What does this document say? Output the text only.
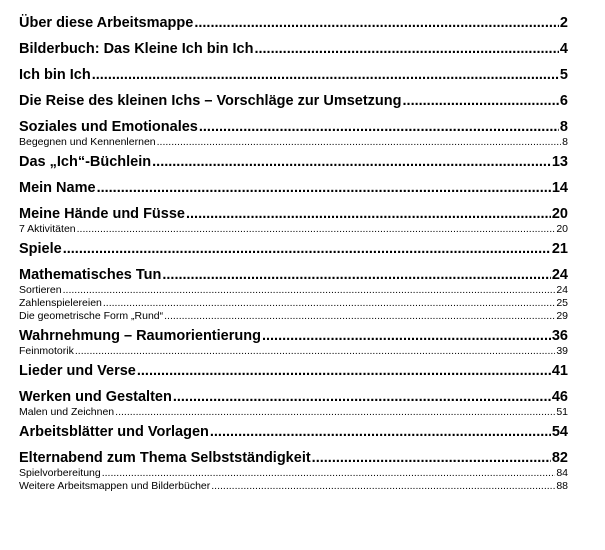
Über diese Arbeitsmappe .....	2
Bilderbuch: Das Kleine Ich bin Ich .....	4
Ich bin Ich .....	5
Die Reise des kleinen Ichs – Vorschläge zur Umsetzung .....	6
Soziales und Emotionales .....	8
Begegnen und Kennenlernen .....	8
Das „Ich“-Büchlein .....	13
Mein Name .....	14
Meine Hände und Füsse .....	20
7 Aktivitäten .....	20
Spiele .....	21
Mathematisches Tun .....	24
Sortieren .....	24
Zahlenspielereien .....	25
Die geometrische Form „Rund“ .....	29
Wahrnehmung – Raumorientierung .....	36
Feinmotorik .....	39
Lieder und Verse .....	41
Werken und Gestalten .....	46
Malen und Zeichnen .....	51
Arbeitsblätter und Vorlagen .....	54
Elternabend zum Thema Selbstständigkeit .....	82
Spielvorbereitung .....	84
Weitere Arbeitsmappen und Bilderbücher .....	88
